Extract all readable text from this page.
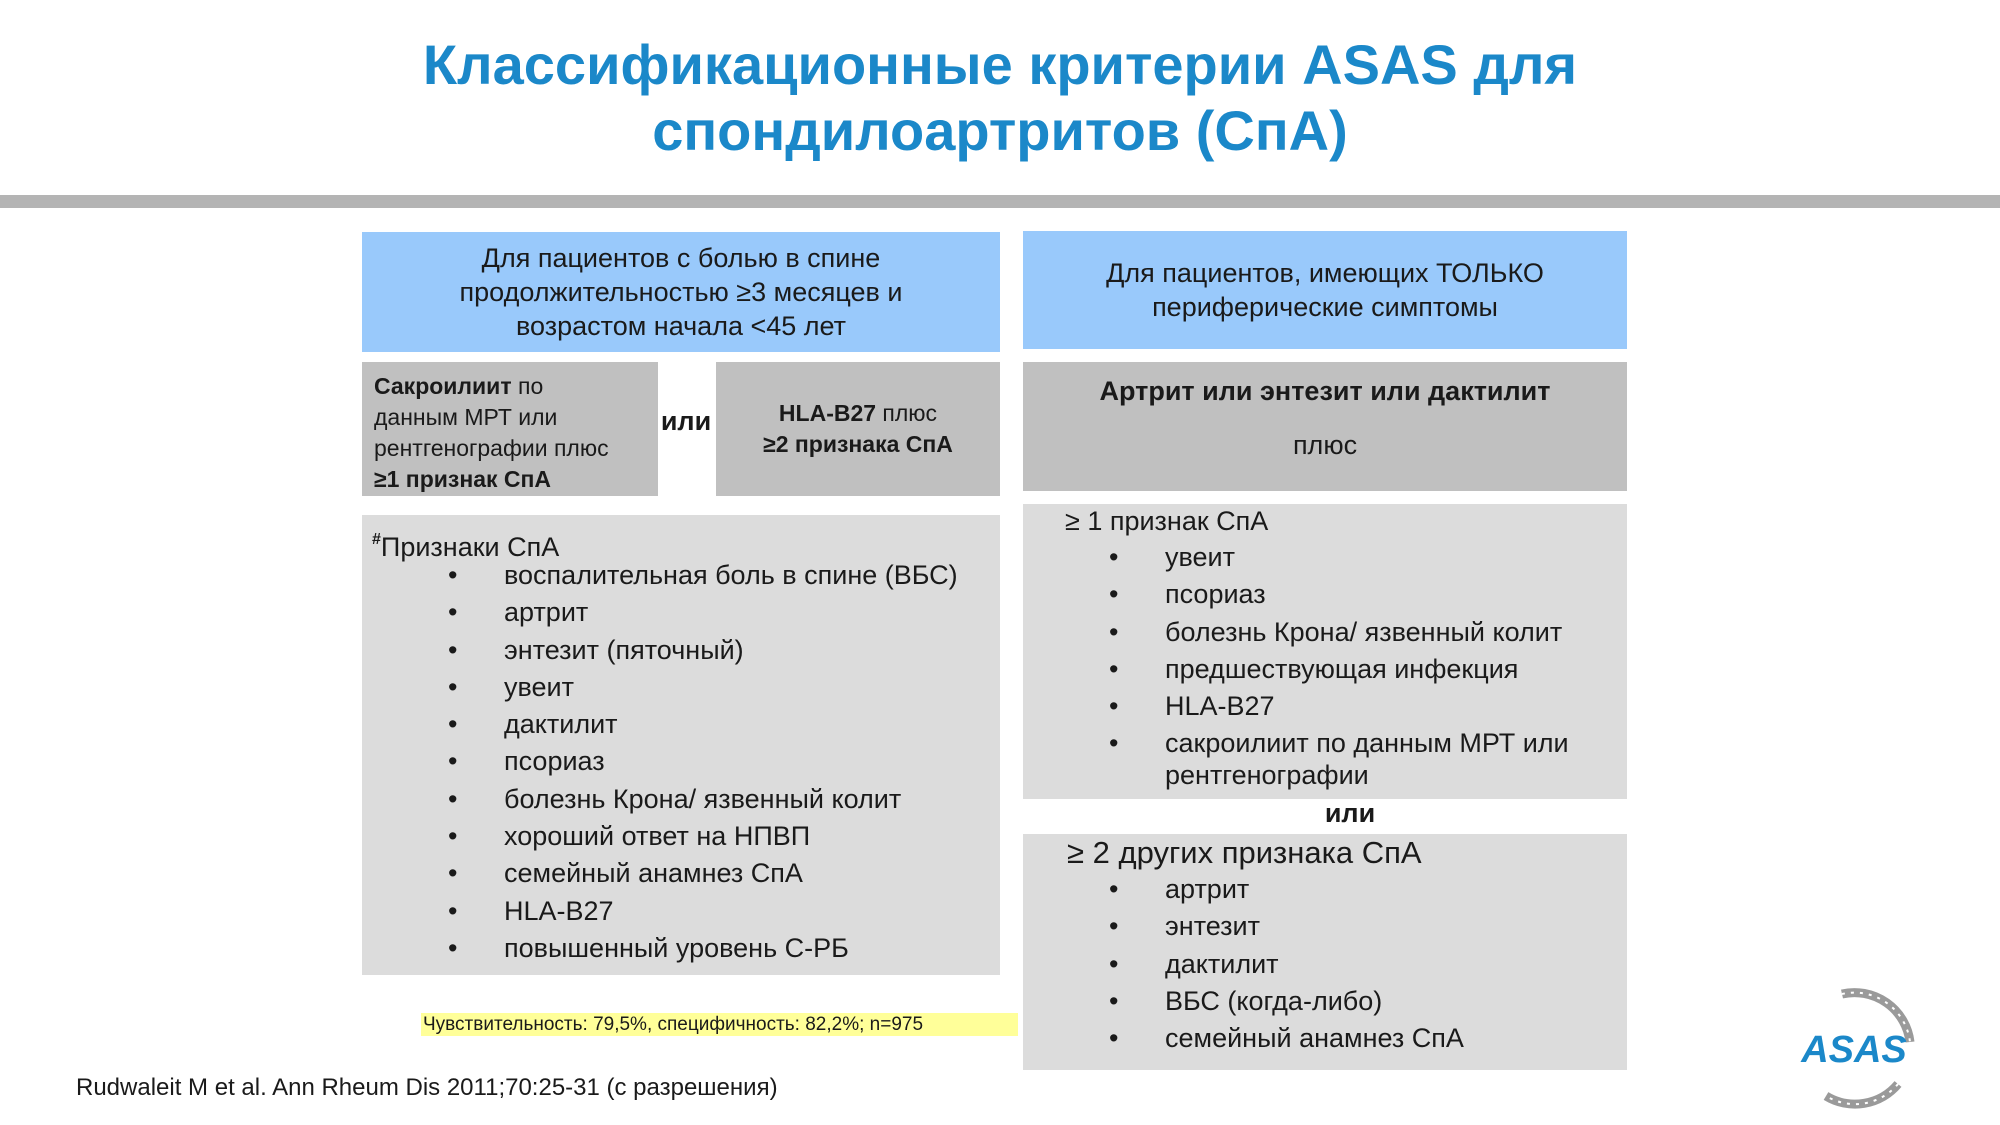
Классификационные критерии ASAS для
спондилоартритов (СпА)
Для пациентов с болью в спине
продолжительностью ≥3 месяцев и
возрастом начала <45 лет
Для пациентов, имеющих ТОЛЬКО
периферические симптомы
Сакроилиит по
данным МРТ или
рентгенографии плюс
≥1 признак СпА
или	HLA-B27 плюс
≥2 признака СпА
Артрит или энтезит или дактилит
плюс
#Признаки СпА
• воспалительная боль в спине (ВБС)
• артрит
• энтезит (пяточный)
• увеит
• дактилит
• псориаз
• болезнь Крона/ язвенный колит
• хороший ответ на НПВП
• семейный анамнез СпА
• HLA-B27
• повышенный уровень С-РБ
≥ 1 признак СпА
• увеит
• псориаз
• болезнь Крона/ язвенный колит
• предшествующая инфекция
• HLA-B27
• сакроилиит по данным МРТ или рентгенографии
или
≥ 2 других признака СпА
• артрит
• энтезит
• дактилит
• ВБС (когда-либо)
• семейный анамнез СпА
Чувствительность: 79,5%, специфичность: 82,2%; n=975
Rudwaleit M et al. Ann Rheum Dis 2011;70:25-31 (с разрешения)
ASAS
